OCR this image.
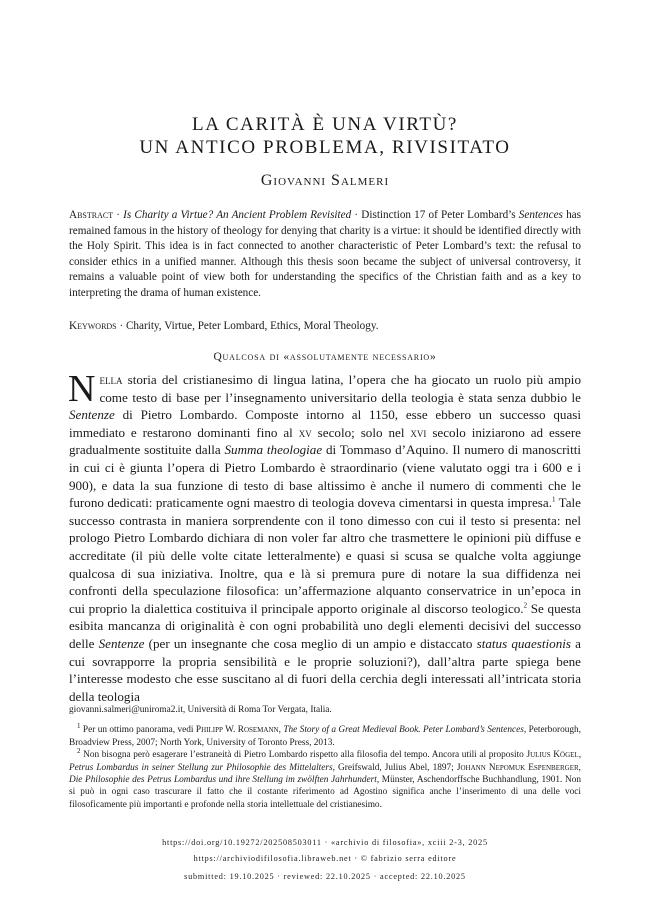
LA CARITÀ È UNA VIRTÙ?
UN ANTICO PROBLEMA, RIVISITATO
Giovanni Salmeri
Abstract · Is Charity a Virtue? An Ancient Problem Revisited · Distinction 17 of Peter Lombard’s Sentences has remained famous in the history of theology for denying that charity is a virtue: it should be identified directly with the Holy Spirit. This idea is in fact connected to another characteristic of Peter Lombard’s text: the refusal to consider ethics in a unified manner. Although this thesis soon became the subject of universal controversy, it remains a valuable point of view both for understanding the specifics of the Christian faith and as a key to interpreting the drama of human existence.
Keywords · Charity, Virtue, Peter Lombard, Ethics, Moral Theology.
Qualcosa di «assolutamente necessario»
Nella storia del cristianesimo di lingua latina, l’opera che ha giocato un ruolo più ampio come testo di base per l’insegnamento universitario della teologia è stata senza dubbio le Sentenze di Pietro Lombardo. Composte intorno al 1150, esse ebbero un successo quasi immediato e restarono dominanti fino al xv secolo; solo nel xvi secolo iniziarono ad essere gradualmente sostituite dalla Summa theologiae di Tommaso d’Aquino. Il numero di manoscritti in cui ci è giunta l’opera di Pietro Lombardo è straordinario (viene valutato oggi tra i 600 e i 900), e data la sua funzione di testo di base altissimo è anche il numero di commenti che le furono dedicati: praticamente ogni maestro di teologia doveva cimentarsi in questa impresa.$^1$ Tale successo contrasta in maniera sorprendente con il tono dimesso con cui il testo si presenta: nel prologo Pietro Lombardo dichiara di non voler far altro che trasmettere le opinioni più diffuse e accreditate (il più delle volte citate letteralmente) e quasi si scusa se qualche volta aggiunge qualcosa di sua iniziativa. Inoltre, qua e là si premura pure di notare la sua diffidenza nei confronti della speculazione filosofica: un’affermazione alquanto conservatrice in un’epoca in cui proprio la dialettica costituiva il principale apporto originale al discorso teologico.$^2$ Se questa esibita mancanza di originalità è con ogni probabilità uno degli elementi decisivi del successo delle Sentenze (per un insegnante che cosa meglio di un ampio e distaccato status quaestionis a cui sovrapporre la propria sensibilità e le proprie soluzioni?), dall’altra parte spiega bene l’interesse modesto che esse suscitano al di fuori della cerchia degli interessati all’intricata storia della teologia

giovanni.salmeri@uniroma2.it, Università di Roma Tor Vergata, Italia.

$^1$ Per un ottimo panorama, vedi Philipp W. Rosemann, The Story of a Great Medieval Book. Peter Lombard’s Sentences, Peterborough, Broadview Press, 2007; North York, University of Toronto Press, 2013.

$^2$ Non bisogna però esagerare l’estraneità di Pietro Lombardo rispetto alla filosofia del tempo. Ancora utili al proposito Julius Kögel, Petrus Lombardus in seiner Stellung zur Philosophie des Mittelalters, Greifswald, Julius Abel, 1897; Johann Nepomuk Espenberger, Die Philosophie des Petrus Lombardus und ihre Stellung im zwölften Jahrhundert, Münster, Aschendorffsche Buchhandlung, 1901. Non si può in ogni caso trascurare il fatto che il costante riferimento ad Agostino significa anche l’inserimento di una delle voci filosoficamente più importanti e profonde nella storia intellettuale del cristianesimo.

https://doi.org/10.19272/202508503011 · «archivio di filosofia», xciii 2-3, 2025
https://archiviodifilosofia.libraweb.net · © fabrizio serra editore
submitted: 19.10.2025 · reviewed: 22.10.2025 · accepted: 22.10.2025
